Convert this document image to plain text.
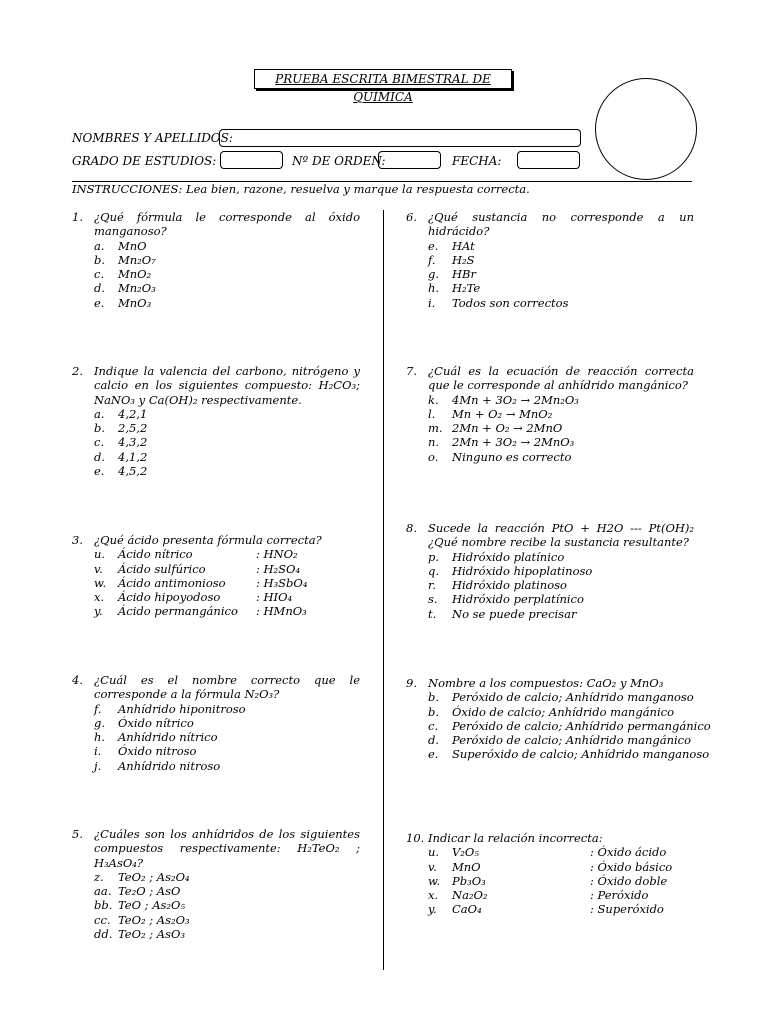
PRUEBA ESCRITA BIMESTRAL DE QUÍMICA
NOMBRES Y APELLIDOS:
GRADO DE ESTUDIOS:	Nº DE ORDEN:	FECHA:
INSTRUCCIONES: Lea bien, razone, resuelva y marque la respuesta correcta.
1. ¿Qué fórmula le corresponde al óxido manganoso?
a.	MnO
b.	Mn₂O₇
c.	MnO₂
d.	Mn₂O₃
e.	MnO₃
2. Indique la valencia del carbono, nitrógeno y calcio en los siguientes compuesto: H₂CO₃; NaNO₃ y Ca(OH)₂ respectivamente.
a.	4,2,1
b.	2,5,2
c.	4,3,2
d.	4,1,2
e.	4,5,2
3. ¿Qué ácido presenta fórmula correcta?
u.	Ácido nítrico	: HNO₂
v.	Ácido sulfúrico	: H₂SO₄
w.	Ácido antimonioso	: H₃SbO₄
x.	Ácido hipoyodoso	: HIO₄
y.	Ácido permangánico	: HMnO₃
4. ¿Cuál es el nombre correcto que le corresponde a la fórmula N₂O₃?
f.	Anhídrido hiponitroso
g.	Óxido nítrico
h.	Anhídrido nítrico
i.	Óxido nitroso
j.	Anhídrido nitroso
5. ¿Cuáles son los anhídridos de los siguientes compuestos respectivamente: H₂TeO₂ ; H₃AsO₄?
z.	TeO₂ ; As₂O₄
aa. Te₂O ; AsO
bb. TeO ; As₂O₅
cc. TeO₂ ; As₂O₃
dd. TeO₂ ; AsO₃
6. ¿Qué sustancia no corresponde a un hidrácido?
e.	HAt
f.	H₂S
g.	HBr
h.	H₂Te
i.	Todos son correctos
7. ¿Cuál es la ecuación de reacción correcta que le corresponde al anhídrido mangánico?
k.	4Mn + 3O₂ → 2Mn₂O₃
l.	Mn + O₂ → MnO₂
m. 2Mn + O₂ → 2MnO
n.	2Mn + 3O₂ → 2MnO₃
o.	Ninguno es correcto
8. Sucede la reacción PtO + H2O --- Pt(OH)₂ ¿Qué nombre recibe la sustancia resultante?
p.	Hidróxido platínico
q.	Hidróxido hipoplatinoso
r.	Hidróxido platinoso
s.	Hidróxido perplatínico
t.	No se puede precisar
9. Nombre a los compuestos: CaO₂ y MnO₃
b.	Peróxido de calcio; Anhídrido manganoso
b.	Óxido de calcio; Anhídrido mangánico
c.	Peróxido de calcio; Anhídrido permangánico
d.	Peróxido de calcio; Anhídrido mangánico
e.	Superóxido de calcio; Anhídrido manganoso
10. Indicar la relación incorrecta:
u.	V₂O₅	: Óxido ácido
v.	MnO	: Óxido básico
w.	Pb₃O₃	: Óxido doble
x.	Na₂O₂	: Peróxido
y.	CaO₄	: Superóxido
